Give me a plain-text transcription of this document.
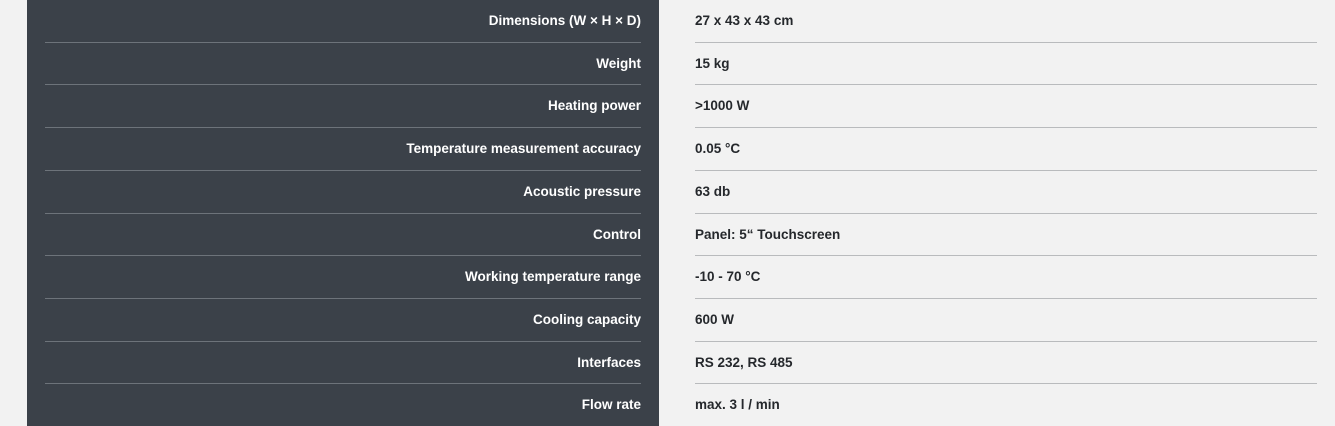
Dimensions (W × H × D)
Weight
Heating power
Temperature measurement accuracy
Acoustic pressure
Control
Working temperature range
Cooling capacity
Interfaces
Flow rate
27 x 43 x 43 cm
15 kg
>1000 W
0.05 °C
63 db
Panel: 5“ Touchscreen
-10 - 70 °C
600 W
RS 232, RS 485
max. 3 l / min
